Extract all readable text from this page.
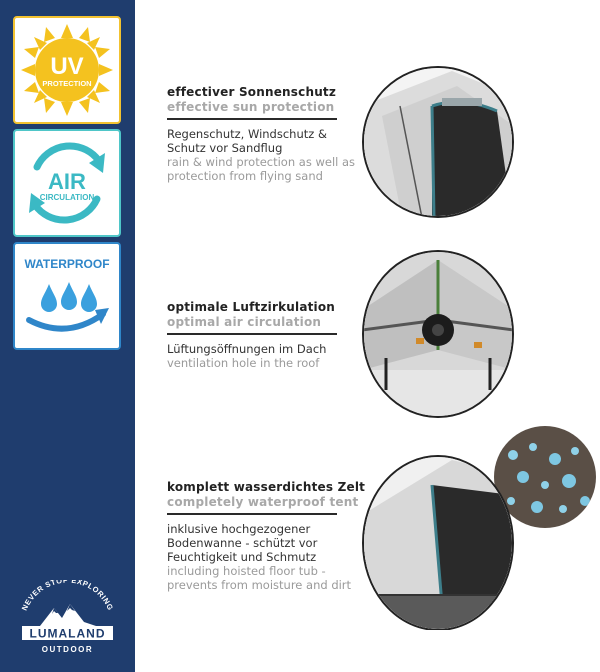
UV
PROTECTION
AIR
CIRCULATION
WATERPROOF
NEVER STOP EXPLORING
LUMALAND
OUTDOOR
effectiver Sonnenschutz
effective sun protection
Regenschutz, Windschutz & Schutz vor Sandflug
rain & wind protection as well as protection from flying sand
optimale Luftzirkulation
optimal air circulation
Lüftungsöffnungen im Dach
ventilation hole in the roof
komplett wasserdichtes Zelt
completely waterproof tent
inklusive hochgezogener Bodenwanne - schützt vor Feuchtigkeit und Schmutz
including hoisted floor tub - prevents from moisture and dirt
